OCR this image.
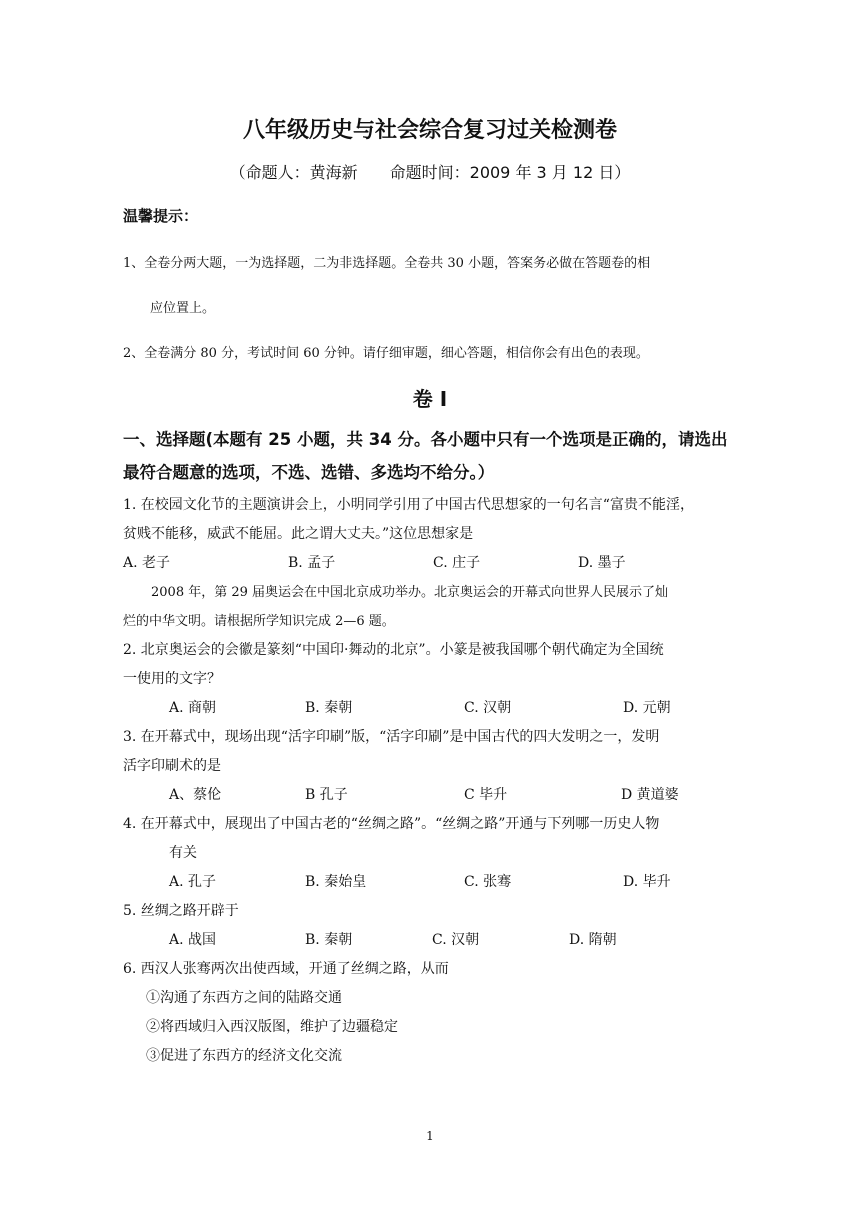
八年级历史与社会综合复习过关检测卷
（命题人：黄海新　　命题时间：2009 年 3 月 12 日）
温馨提示：
1、全卷分两大题，一为选择题，二为非选择题。全卷共 30 小题，答案务必做在答题卷的相
应位置上。
2、全卷满分 80 分，考试时间 60 分钟。请仔细审题，细心答题，相信你会有出色的表现。
卷 I
一、选择题(本题有 25 小题，共 34 分。各小题中只有一个选项是正确的，请选出
最符合题意的选项，不选、选错、多选均不给分。）
1. 在校园文化节的主题演讲会上，小明同学引用了中国古代思想家的一句名言“富贵不能淫，
贫贱不能移，威武不能屈。此之谓大丈夫。”这位思想家是
A. 老子	B. 孟子	C. 庄子	D. 墨子
2008 年，第 29 届奥运会在中国北京成功举办。北京奥运会的开幕式向世界人民展示了灿
烂的中华文明。请根据所学知识完成 2—6 题。
2. 北京奥运会的会徽是篆刻“中国印·舞动的北京”。小篆是被我国哪个朝代确定为全国统
一使用的文字？
A. 商朝	B. 秦朝	C. 汉朝	D. 元朝
3. 在开幕式中，现场出现“活字印刷”版，“活字印刷”是中国古代的四大发明之一，发明
活字印刷术的是
A、蔡伦	B 孔子	C 毕升	D 黄道婆
4. 在开幕式中，展现出了中国古老的“丝绸之路”。“丝绸之路”开通与下列哪一历史人物
有关
A. 孔子	B. 秦始皇	C. 张骞	D. 毕升
5. 丝绸之路开辟于
A. 战国	B. 秦朝	C. 汉朝	D. 隋朝
6. 西汉人张骞两次出使西域，开通了丝绸之路，从而
①沟通了东西方之间的陆路交通
②将西域归入西汉版图，维护了边疆稳定
③促进了东西方的经济文化交流
1
